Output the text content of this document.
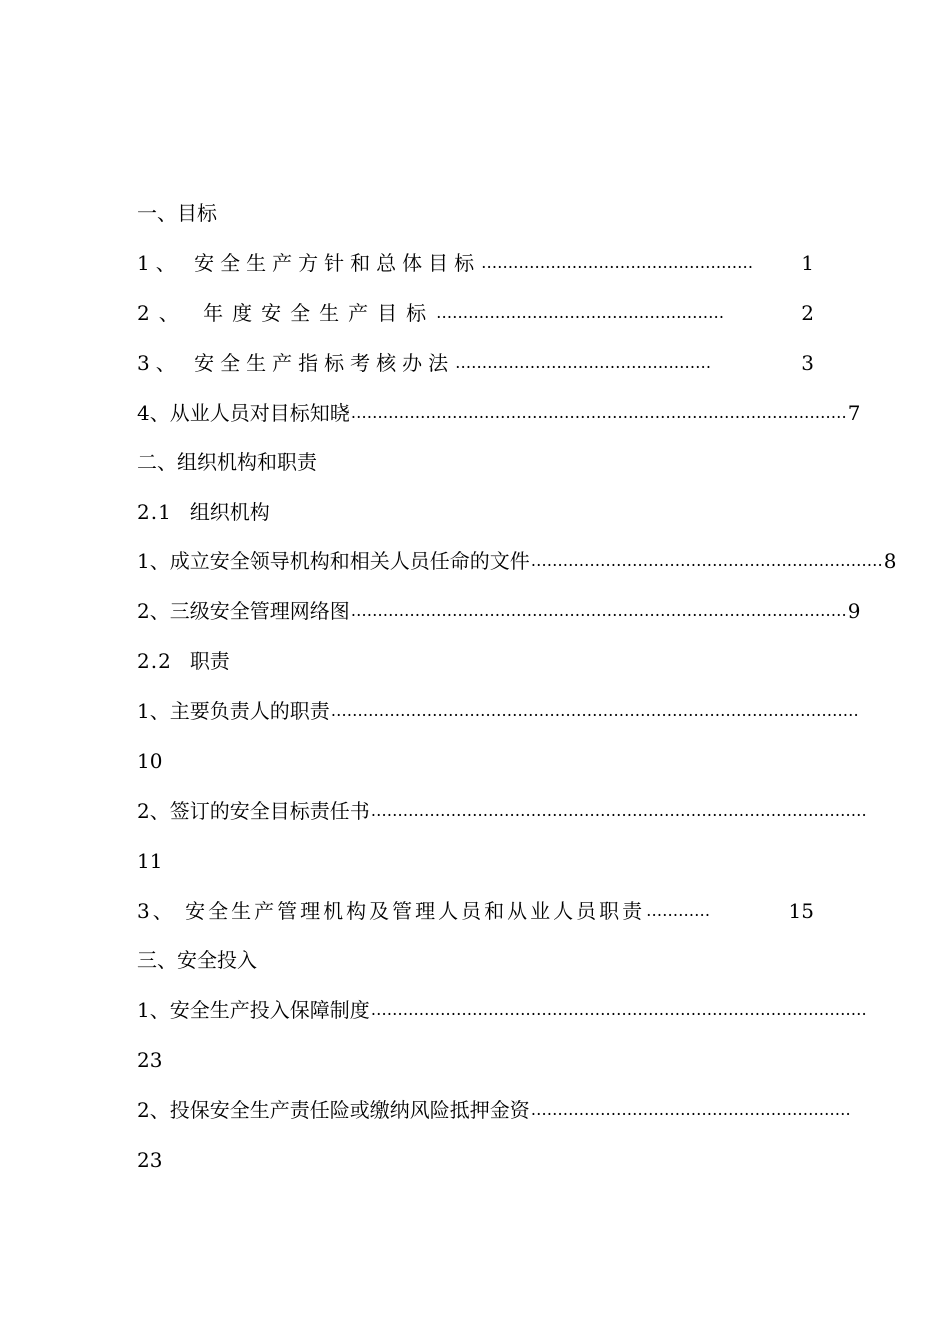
一、目标
1、 安全生产方针和总体目标 ……………………………………………	1
2、 年度安全生产目标 ………………………………………………	2
3、 安全生产指标考核办法 …………………………………………	3
4、从业人员对目标知晓 ………………………………………………………………………………… 7
二、组织机构和职责
2.1 组织机构
1、成立安全领导机构和相关人员任命的文件 ………………………………………………………… 8
2、三级安全管理网络图 ………………………………………………………………………………… 9
2.2 职责
1、主要负责人的职责 ………………………………………………………………………………………
10
2、签订的安全目标责任书 …………………………………………………………………………………
11
3、 安全生产管理机构及管理人员和从业人员职责 …………	15
三、安全投入
1、安全生产投入保障制度 …………………………………………………………………………………
23
2、投保安全生产责任险或缴纳风险抵押金资 ……………………………………………………
23
